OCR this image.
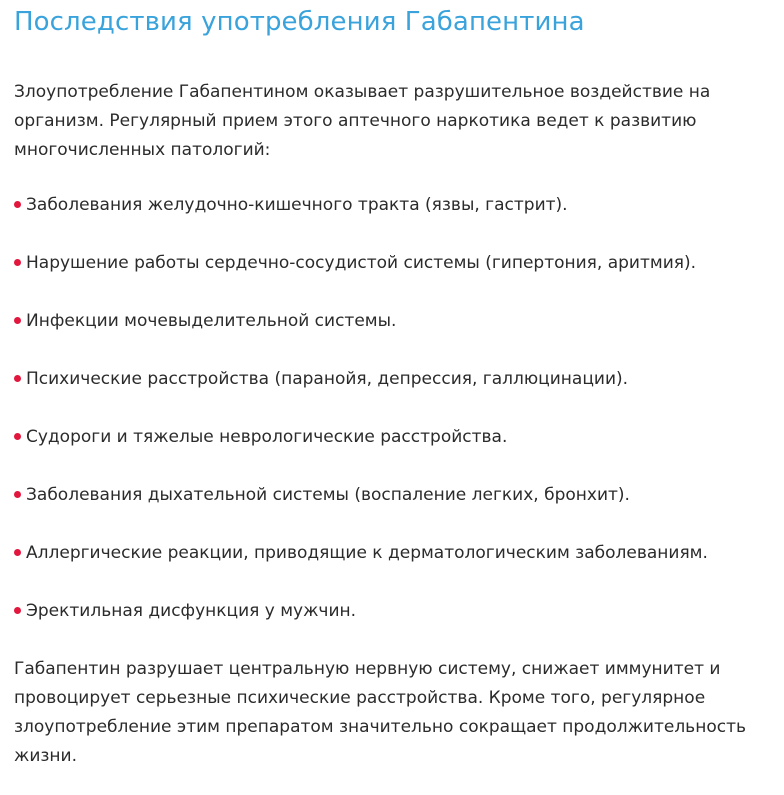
Последствия употребления Габапентина

Злоупотребление Габапентином оказывает разрушительное воздействие на организм. Регулярный прием этого аптечного наркотика ведет к развитию многочисленных патологий:

Заболевания желудочно-кишечного тракта (язвы, гастрит).
Нарушение работы сердечно-сосудистой системы (гипертония, аритмия).
Инфекции мочевыделительной системы.
Психические расстройства (паранойя, депрессия, галлюцинации).
Судороги и тяжелые неврологические расстройства.
Заболевания дыхательной системы (воспаление легких, бронхит).
Аллергические реакции, приводящие к дерматологическим заболеваниям.
Эректильная дисфункция у мужчин.

Габапентин разрушает центральную нервную систему, снижает иммунитет и провоцирует серьезные психические расстройства. Кроме того, регулярное злоупотребление этим препаратом значительно сокращает продолжительность жизни.
